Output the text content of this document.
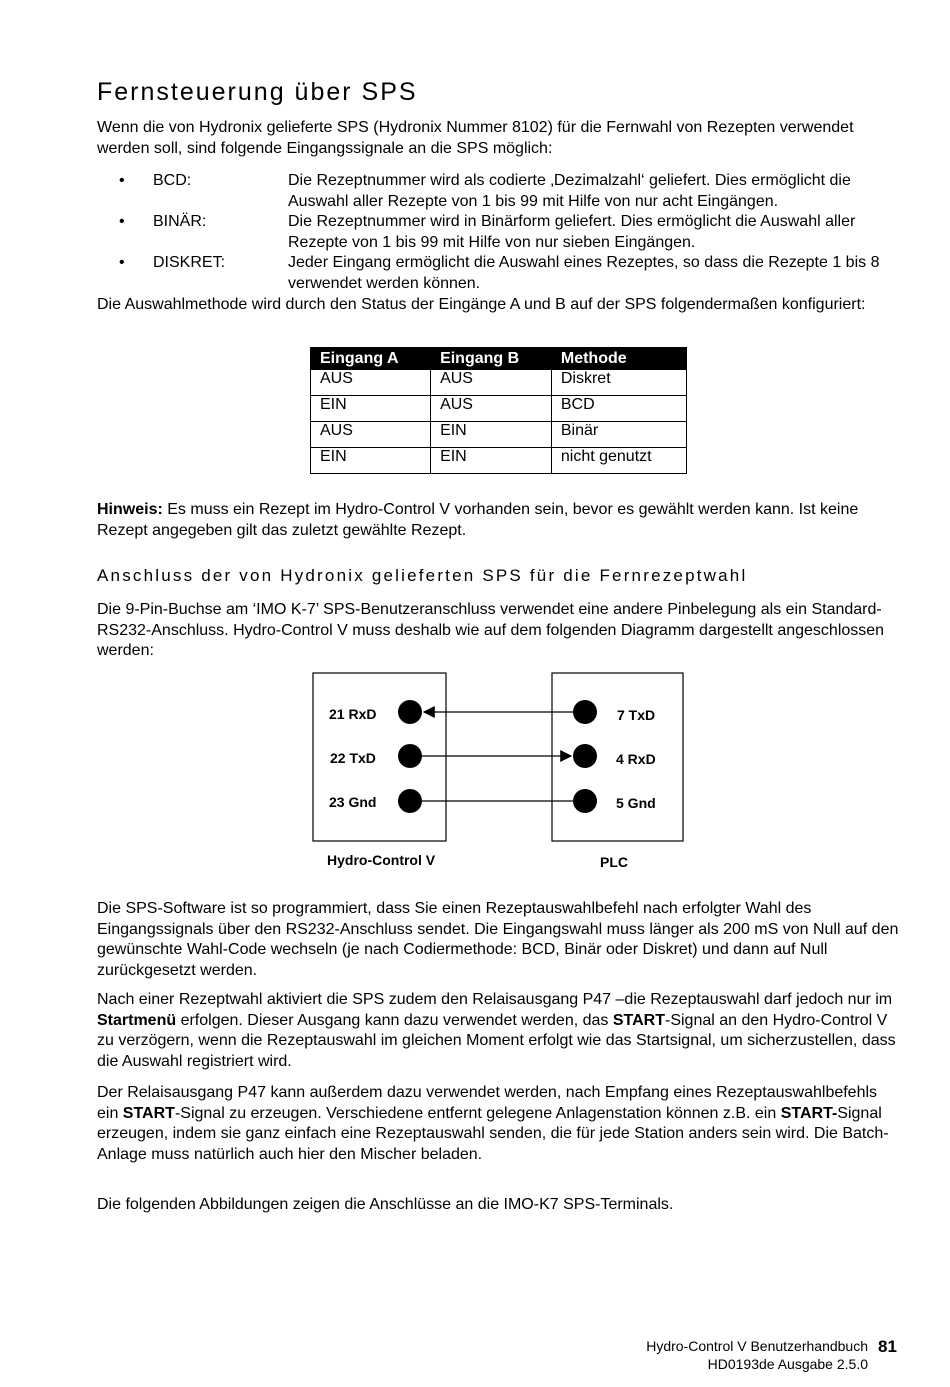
Fernsteuerung über SPS

Wenn die von Hydronix gelieferte SPS (Hydronix Nummer 8102) für die Fernwahl von Rezepten verwendet werden soll, sind folgende Eingangssignale an die SPS möglich:

• BCD:	Die Rezeptnummer wird als codierte ‚Dezimalzahl‘ geliefert. Dies ermöglicht die Auswahl aller Rezepte von 1 bis 99 mit Hilfe von nur acht Eingängen.
• BINÄR:	Die Rezeptnummer wird in Binärform geliefert. Dies ermöglicht die Auswahl aller Rezepte von 1 bis 99 mit Hilfe von nur sieben Eingängen.
• DISKRET:	Jeder Eingang ermöglicht die Auswahl eines Rezeptes, so dass die Rezepte 1 bis 8 verwendet werden können.

Die Auswahlmethode wird durch den Status der Eingänge A und B auf der SPS folgendermaßen konfiguriert:

Eingang A	Eingang B	Methode
AUS	AUS	Diskret
EIN	AUS	BCD
AUS	EIN	Binär
EIN	EIN	nicht genutzt

Hinweis: Es muss ein Rezept im Hydro-Control V vorhanden sein, bevor es gewählt werden kann. Ist keine Rezept angegeben gilt das zuletzt gewählte Rezept.

Anschluss der von Hydronix gelieferten SPS für die Fernrezeptwahl

Die 9-Pin-Buchse am ‘IMO K-7’ SPS-Benutzeranschluss verwendet eine andere Pinbelegung als ein Standard-RS232-Anschluss. Hydro-Control V muss deshalb wie auf dem folgenden Diagramm dargestellt angeschlossen werden:

21 RxD
22 TxD
23 Gnd
7 TxD
4 RxD
5 Gnd
Hydro-Control V	PLC

Die SPS-Software ist so programmiert, dass Sie einen Rezeptauswahlbefehl nach erfolgter Wahl des Eingangssignals über den RS232-Anschluss sendet. Die Eingangswahl muss länger als 200 mS von Null auf den gewünschte Wahl-Code wechseln (je nach Codiermethode: BCD, Binär oder Diskret) und dann auf Null zurückgesetzt werden.

Nach einer Rezeptwahl aktiviert die SPS zudem den Relaisausgang P47 –die Rezeptauswahl darf jedoch nur im Startmenü erfolgen. Dieser Ausgang kann dazu verwendet werden, das START-Signal an den Hydro-Control V zu verzögern, wenn die Rezeptauswahl im gleichen Moment erfolgt wie das Startsignal, um sicherzustellen, dass die Auswahl registriert wird.

Der Relaisausgang P47 kann außerdem dazu verwendet werden, nach Empfang eines Rezeptauswahlbefehls ein START-Signal zu erzeugen. Verschiedene entfernt gelegene Anlagenstation können z.B. ein START-Signal erzeugen, indem sie ganz einfach eine Rezeptauswahl senden, die für jede Station anders sein wird. Die Batch-Anlage muss natürlich auch hier den Mischer beladen.

Die folgenden Abbildungen zeigen die Anschlüsse an die IMO-K7 SPS-Terminals.

Hydro-Control V Benutzerhandbuch
HD0193de Ausgabe 2.5.0
81
